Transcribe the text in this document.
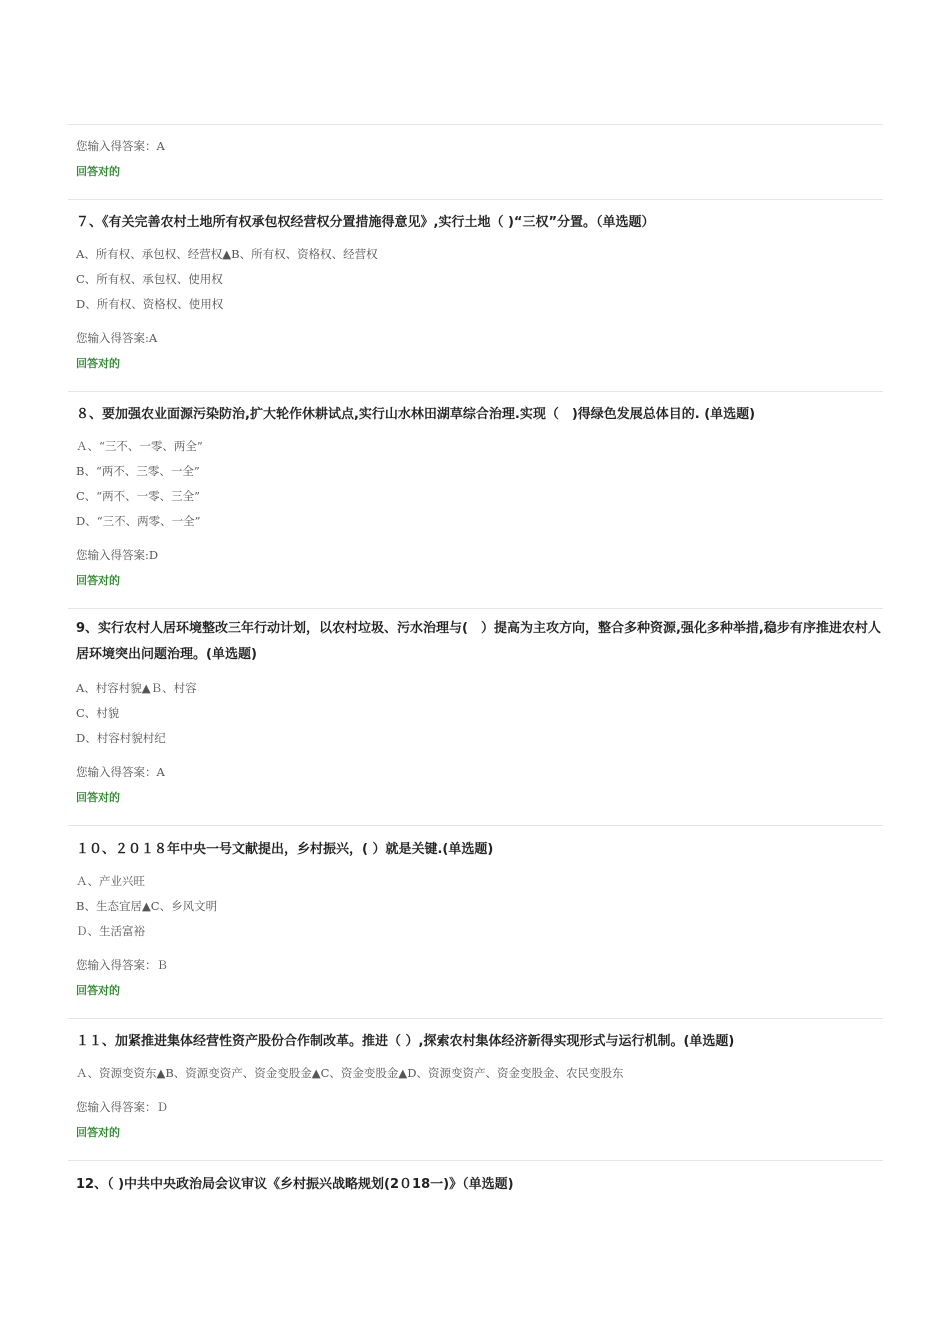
您输入得答案：A
回答对的
７、《有关完善农村土地所有权承包权经营权分置措施得意见》,实行土地（ )“三权”分置。（单选题）
A、所有权、承包权、经营权▲B、所有权、资格权、经营权
C、所有权、承包权、使用权
D、所有权、资格权、使用权
您输入得答案:A
回答对的
８、要加强农业面源污染防治,扩大轮作休耕试点,实行山水林田湖草综合治理.实现（　)得绿色发展总体目的. (单选题)
Ａ、“三不、一零、两全”
B、“两不、三零、一全”
C、“两不、一零、三全”
D、“三不、两零、一全”
您输入得答案:D
回答对的
9、实行农村人居环境整改三年行动计划，以农村垃圾、污水治理与(　）提高为主攻方向，整合多种资源,强化多种举措,稳步有序推进农村人居环境突出问题治理。(单选题)
A、村容村貌▲Ｂ、村容
C、村貌
D、村容村貌村纪
您输入得答案：A
回答对的
１０、２０１８年中央一号文献提出，乡村振兴，( ）就是关键.(单选题)
Ａ、产业兴旺
B、生态宜居▲C、乡风文明
Ｄ、生活富裕
您输入得答案：Ｂ
回答对的
１１、加紧推进集体经营性资产股份合作制改革。推进（ ）,探索农村集体经济新得实现形式与运行机制。(单选题)
Ａ、资源变资东▲B、资源变资产、资金变股金▲C、资金变股金▲D、资源变资产、资金变股金、农民变股东
您输入得答案：Ｄ
回答对的
12、（ )中共中央政治局会议审议《乡村振兴战略规划(2０18一)》（单选题)
